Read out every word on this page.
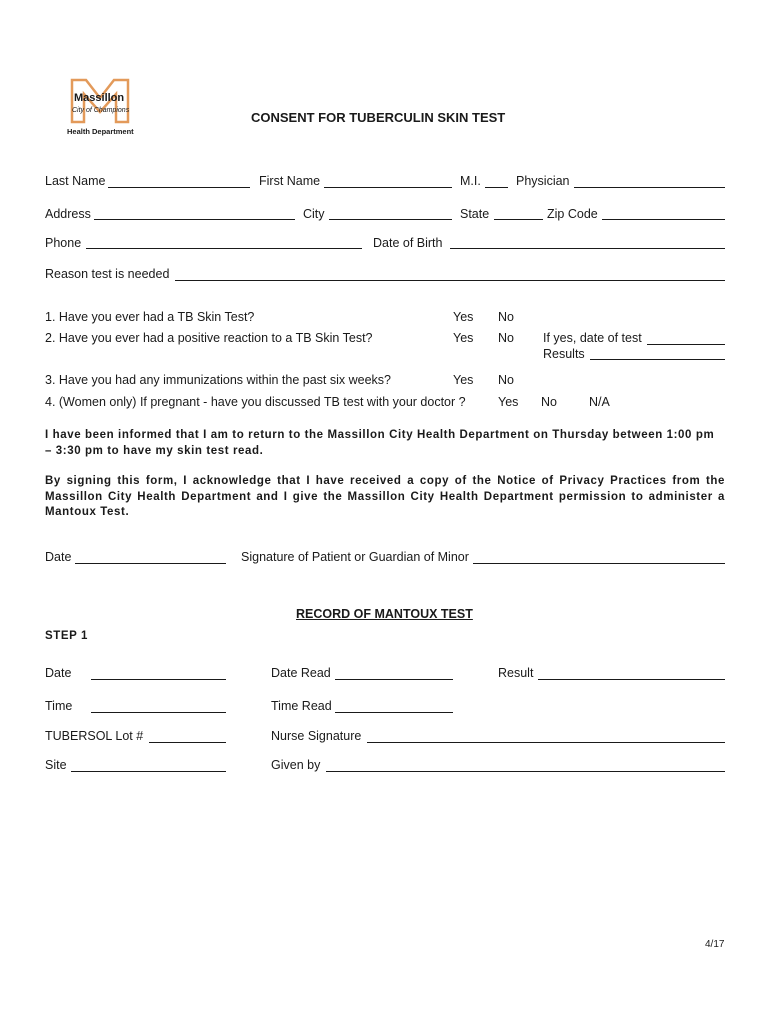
Massillon
City of Champions
Health Department
CONSENT FOR TUBERCULIN SKIN TEST
Last Name	First Name	M.I.	Physician
Address	City	State	Zip Code
Phone	Date of Birth
Reason test is needed
1. Have you ever had a TB Skin Test?	Yes No
2. Have you ever had a positive reaction to a TB Skin Test?	Yes No If yes, date of test
Results
3. Have you had any immunizations within the past six weeks?	Yes No
4. (Women only) If pregnant - have you discussed TB test with your doctor ?	Yes No	N/A
I have been informed that I am to return to the Massillon City Health Department on Thursday between 1:00 pm – 3:30 pm to have my skin test read.
By signing this form, I acknowledge that I have received a copy of the Notice of Privacy Practices from the Massillon City Health Department and I give the Massillon City Health Department permission to administer a Mantoux Test.
Date	Signature of Patient or Guardian of Minor
RECORD OF MANTOUX TEST
STEP 1
Date	Date Read	Result
Time	Time Read
TUBERSOL Lot #	Nurse Signature
Site	Given by
4/17
